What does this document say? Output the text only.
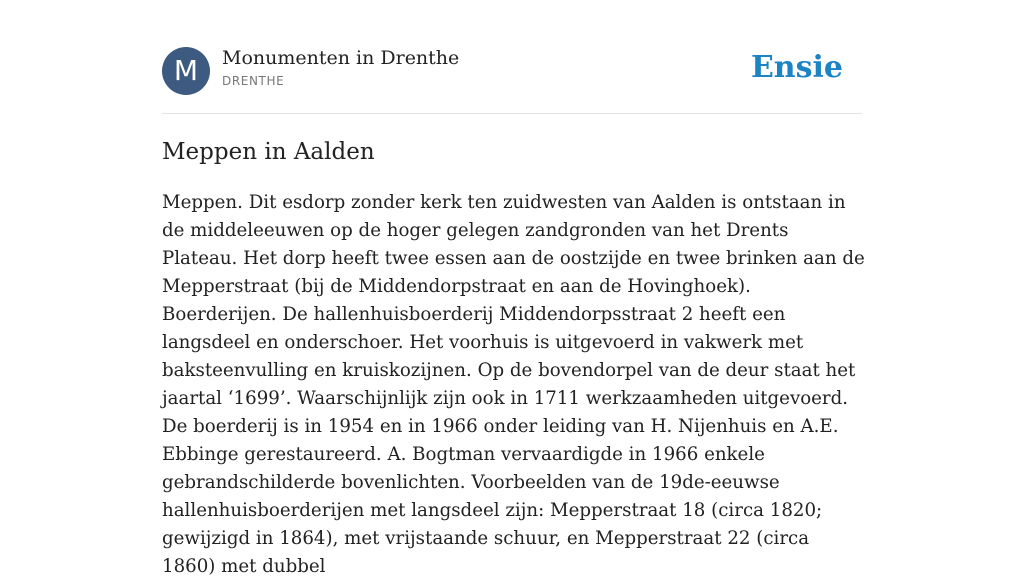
M	Monumenten in Drenthe
DRENTHE	Ensie
Meppen in Aalden

Meppen. Dit esdorp zonder kerk ten zuidwesten van Aalden is ontstaan in de middeleeuwen op de hoger gelegen zandgronden van het Drents Plateau. Het dorp heeft twee essen aan de oostzijde en twee brinken aan de Mepperstraat (bij de Middendorpstraat en aan de Hovinghoek). Boerderijen. De hallenhuisboerderij Middendorpsstraat 2 heeft een langsdeel en onderschoer. Het voorhuis is uitgevoerd in vakwerk met baksteenvulling en kruiskozijnen. Op de bovendorpel van de deur staat het jaartal ‘1699’. Waarschijnlijk zijn ook in 1711 werkzaamheden uitgevoerd. De boerderij is in 1954 en in 1966 onder leiding van H. Nijenhuis en A.E. Ebbinge gerestaureerd. A. Bogtman vervaardigde in 1966 enkele gebrandschilderde bovenlichten. Voorbeelden van de 19de-eeuwse hallenhuisboerderijen met langsdeel zijn: Mepperstraat 18 (circa 1820; gewijzigd in 1864), met vrijstaande schuur, en Mepperstraat 22 (circa 1860) met dubbel
